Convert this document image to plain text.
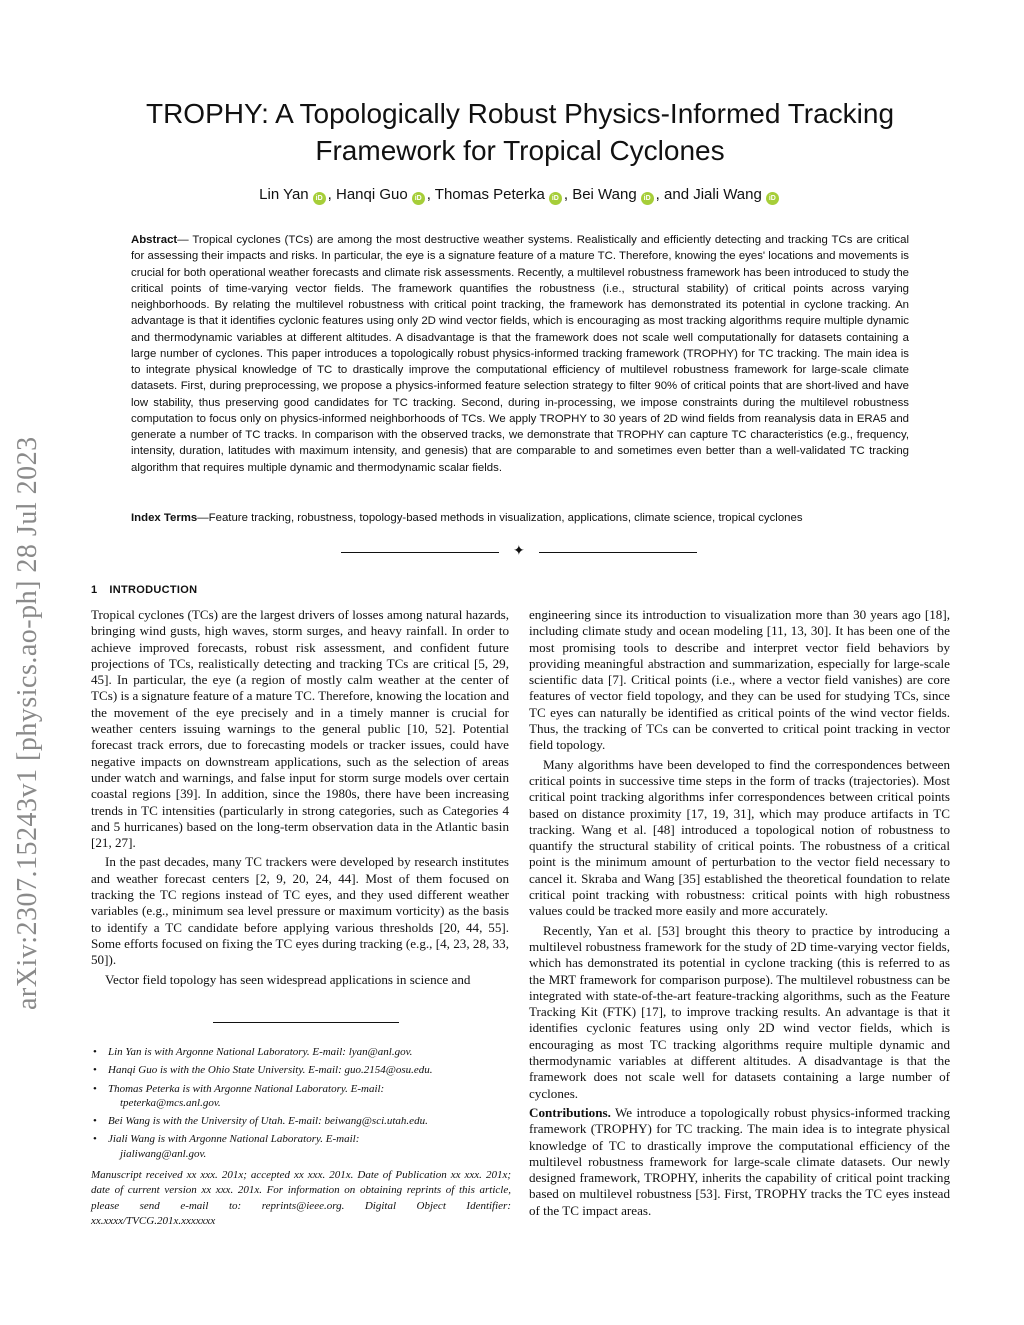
arXiv:2307.15243v1 [physics.ao-ph] 28 Jul 2023
TROPHY: A Topologically Robust Physics-Informed Tracking
Framework for Tropical Cyclones
Lin Yan iD , Hanqi Guo iD , Thomas Peterka iD , Bei Wang iD , and Jiali Wang iD
Abstract— Tropical cyclones (TCs) are among the most destructive weather systems. Realistically and efficiently detecting and tracking TCs are critical for assessing their impacts and risks. In particular, the eye is a signature feature of a mature TC. Therefore, knowing the eyes' locations and movements is crucial for both operational weather forecasts and climate risk assessments. Recently, a multilevel robustness framework has been introduced to study the critical points of time-varying vector fields. The framework quantifies the robustness (i.e., structural stability) of critical points across varying neighborhoods. By relating the multilevel robustness with critical point tracking, the framework has demonstrated its potential in cyclone tracking. An advantage is that it identifies cyclonic features using only 2D wind vector fields, which is encouraging as most tracking algorithms require multiple dynamic and thermodynamic variables at different altitudes. A disadvantage is that the framework does not scale well computationally for datasets containing a large number of cyclones. This paper introduces a topologically robust physics-informed tracking framework (TROPHY) for TC tracking. The main idea is to integrate physical knowledge of TC to drastically improve the computational efficiency of multilevel robustness framework for large-scale climate datasets. First, during preprocessing, we propose a physics-informed feature selection strategy to filter 90% of critical points that are short-lived and have low stability, thus preserving good candidates for TC tracking. Second, during in-processing, we impose constraints during the multilevel robustness computation to focus only on physics-informed neighborhoods of TCs. We apply TROPHY to 30 years of 2D wind fields from reanalysis data in ERA5 and generate a number of TC tracks. In comparison with the observed tracks, we demonstrate that TROPHY can capture TC characteristics (e.g., frequency, intensity, duration, latitudes with maximum intensity, and genesis) that are comparable to and sometimes even better than a well-validated TC tracking algorithm that requires multiple dynamic and thermodynamic scalar fields.
Index Terms—Feature tracking, robustness, topology-based methods in visualization, applications, climate science, tropical cyclones
✦
1 INTRODUCTION

Tropical cyclones (TCs) are the largest drivers of losses among natural hazards, bringing wind gusts, high waves, storm surges, and heavy rainfall. In order to achieve improved forecasts, robust risk assessment, and confident future projections of TCs, realistically detecting and tracking TCs are critical [5, 29, 45]. In particular, the eye (a region of mostly calm weather at the center of TCs) is a signature feature of a mature TC. Therefore, knowing the location and the movement of the eye precisely and in a timely manner is crucial for weather centers issuing warnings to the general public [10, 52]. Potential forecast track errors, due to forecasting models or tracker issues, could have negative impacts on downstream applications, such as the selection of areas under watch and warnings, and false input for storm surge models over certain coastal regions [39]. In addition, since the 1980s, there have been increasing trends in TC intensities (particularly in strong categories, such as Categories 4 and 5 hurricanes) based on the long-term observation data in the Atlantic basin [21, 27].

In the past decades, many TC trackers were developed by research institutes and weather forecast centers [2, 9, 20, 24, 44]. Most of them focused on tracking the TC regions instead of TC eyes, and they used different weather variables (e.g., minimum sea level pressure or maximum vorticity) as the basis to identify a TC candidate before applying various thresholds [20, 44, 55]. Some efforts focused on fixing the TC eyes during tracking (e.g., [4, 23, 28, 33, 50]).

Vector field topology has seen widespread applications in science and

• Lin Yan is with Argonne National Laboratory. E-mail: lyan@anl.gov.
• Hanqi Guo is with the Ohio State University. E-mail: guo.2154@osu.edu.
• Thomas Peterka is with Argonne National Laboratory. E-mail:
tpeterka@mcs.anl.gov.
• Bei Wang is with the University of Utah. E-mail: beiwang@sci.utah.edu.
• Jiali Wang is with Argonne National Laboratory. E-mail:
jialiwang@anl.gov.
Manuscript received xx xxx. 201x; accepted xx xxx. 201x. Date of Publication xx xxx. 201x; date of current version xx xxx. 201x. For information on obtaining reprints of this article, please send e-mail to: reprints@ieee.org. Digital Object Identifier: xx.xxxx/TVCG.201x.xxxxxxx

engineering since its introduction to visualization more than 30 years ago [18], including climate study and ocean modeling [11, 13, 30]. It has been one of the most promising tools to describe and interpret vector field behaviors by providing meaningful abstraction and summarization, especially for large-scale scientific data [7]. Critical points (i.e., where a vector field vanishes) are core features of vector field topology, and they can be used for studying TCs, since TC eyes can naturally be identified as critical points of the wind vector fields. Thus, the tracking of TCs can be converted to critical point tracking in vector field topology.

Many algorithms have been developed to find the correspondences between critical points in successive time steps in the form of tracks (trajectories). Most critical point tracking algorithms infer correspondences between critical points based on distance proximity [17, 19, 31], which may produce artifacts in TC tracking. Wang et al. [48] introduced a topological notion of robustness to quantify the structural stability of critical points. The robustness of a critical point is the minimum amount of perturbation to the vector field necessary to cancel it. Skraba and Wang [35] established the theoretical foundation to relate critical point tracking with robustness: critical points with high robustness values could be tracked more easily and more accurately.

Recently, Yan et al. [53] brought this theory to practice by introducing a multilevel robustness framework for the study of 2D time-varying vector fields, which has demonstrated its potential in cyclone tracking (this is referred to as the MRT framework for comparison purpose). The multilevel robustness can be integrated with state-of-the-art feature-tracking algorithms, such as the Feature Tracking Kit (FTK) [17], to improve tracking results. An advantage is that it identifies cyclonic features using only 2D wind vector fields, which is encouraging as most TC tracking algorithms require multiple dynamic and thermodynamic variables at different altitudes. A disadvantage is that the framework does not scale well for datasets containing a large number of cyclones.

Contributions. We introduce a topologically robust physics-informed tracking framework (TROPHY) for TC tracking. The main idea is to integrate physical knowledge of TC to drastically improve the computational efficiency of the multilevel robustness framework for large-scale climate datasets. Our newly designed framework, TROPHY, inherits the capability of critical point tracking based on multilevel robustness [53]. First, TROPHY tracks the TC eyes instead of the TC impact areas.
